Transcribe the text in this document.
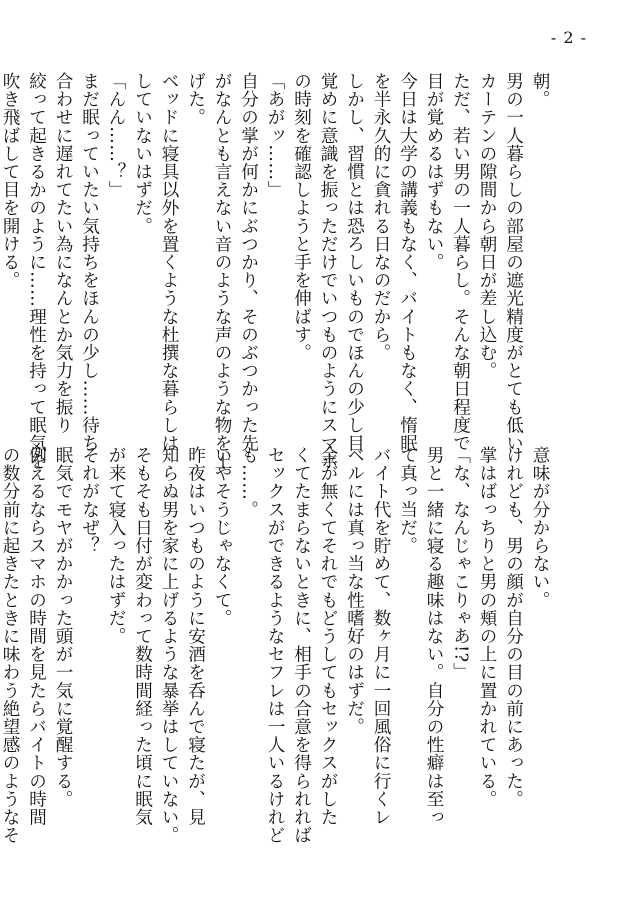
- 2 -
朝。
男の一人暮らしの部屋の遮光精度がとても低い
カーテンの隙間から朝日が差し込む。
ただ、若い男の一人暮らし。そんな朝日程度で
目が覚めるはずもない。
今日は大学の講義もなく、バイトもなく、惰眠
を半永久的に貪れる日なのだから。
しかし、習慣とは恐ろしいものでほんの少し目
覚めに意識を振っただけでいつものようにスマホ
の時刻を確認しようと手を伸ばす。
「あがッ……」
自分の掌が何かにぶつかり、そのぶつかった先
がなんとも言えない音のような声のような物を上
げた。
ベッドに寝具以外を置くような杜撰な暮らしは
していないはずだ。
「んん……？」
まだ眠っていたい気持ちをほんの少し……待ち
合わせに遅れてたい為になんとか気力を振り
絞って起きるかのように……理性を持って眠気を
吹き飛ばして目を開ける。
意味が分からない。
けれども、男の顔が自分の目の前にあった。
掌はばっちりと男の頬の上に置かれている。
「な、なんじゃこりゃあ!?」
男と一緒に寝る趣味はない。自分の性癖は至っ
て真っ当だ。
バイト代を貯めて、数ヶ月に一回風俗に行くレ
ベルには真っ当な性嗜好のはずだ。
金が無くてそれでもどうしてもセックスがした
くてたまらないときに、相手の合意を得られれば
セックスができるようなセフレは一人いるけれど
も……。
いやそうじゃなくて。
昨夜はいつものように安酒を呑んで寝たが、見
知らぬ男を家に上げるような暴挙はしていない。
そもそも日付が変わって数時間経った頃に眠気
が来て寝入ったはずだ。
それがなぜ？
眠気でモヤがかかった頭が一気に覚醒する。
例えるならスマホの時間を見たらバイトの時間
の数分前に起きたときに味わう絶望感のようなそ
